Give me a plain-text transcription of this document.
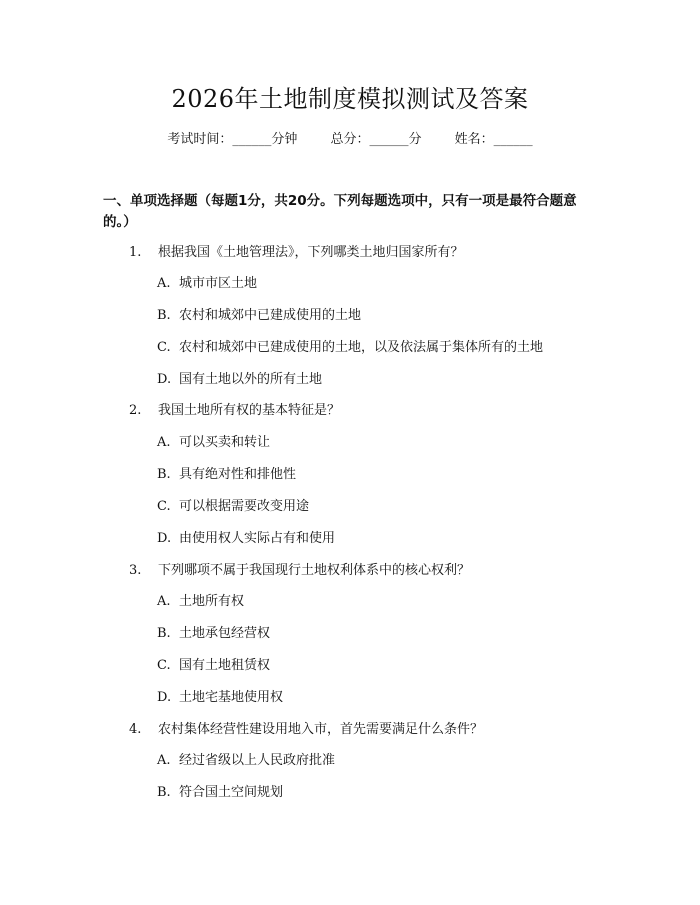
2026年土地制度模拟测试及答案
考试时间：______分钟	总分：______分	姓名：______
一、单项选择题（每题1分，共20分。下列每题选项中，只有一项是最符合题意的。）
1. 根据我国《土地管理法》，下列哪类土地归国家所有？
A. 城市市区土地
B. 农村和城郊中已建成使用的土地
C. 农村和城郊中已建成使用的土地，以及依法属于集体所有的土地
D. 国有土地以外的所有土地
2. 我国土地所有权的基本特征是？
A. 可以买卖和转让
B. 具有绝对性和排他性
C. 可以根据需要改变用途
D. 由使用权人实际占有和使用
3. 下列哪项不属于我国现行土地权利体系中的核心权利？
A. 土地所有权
B. 土地承包经营权
C. 国有土地租赁权
D. 土地宅基地使用权
4. 农村集体经营性建设用地入市，首先需要满足什么条件？
A. 经过省级以上人民政府批准
B. 符合国土空间规划
